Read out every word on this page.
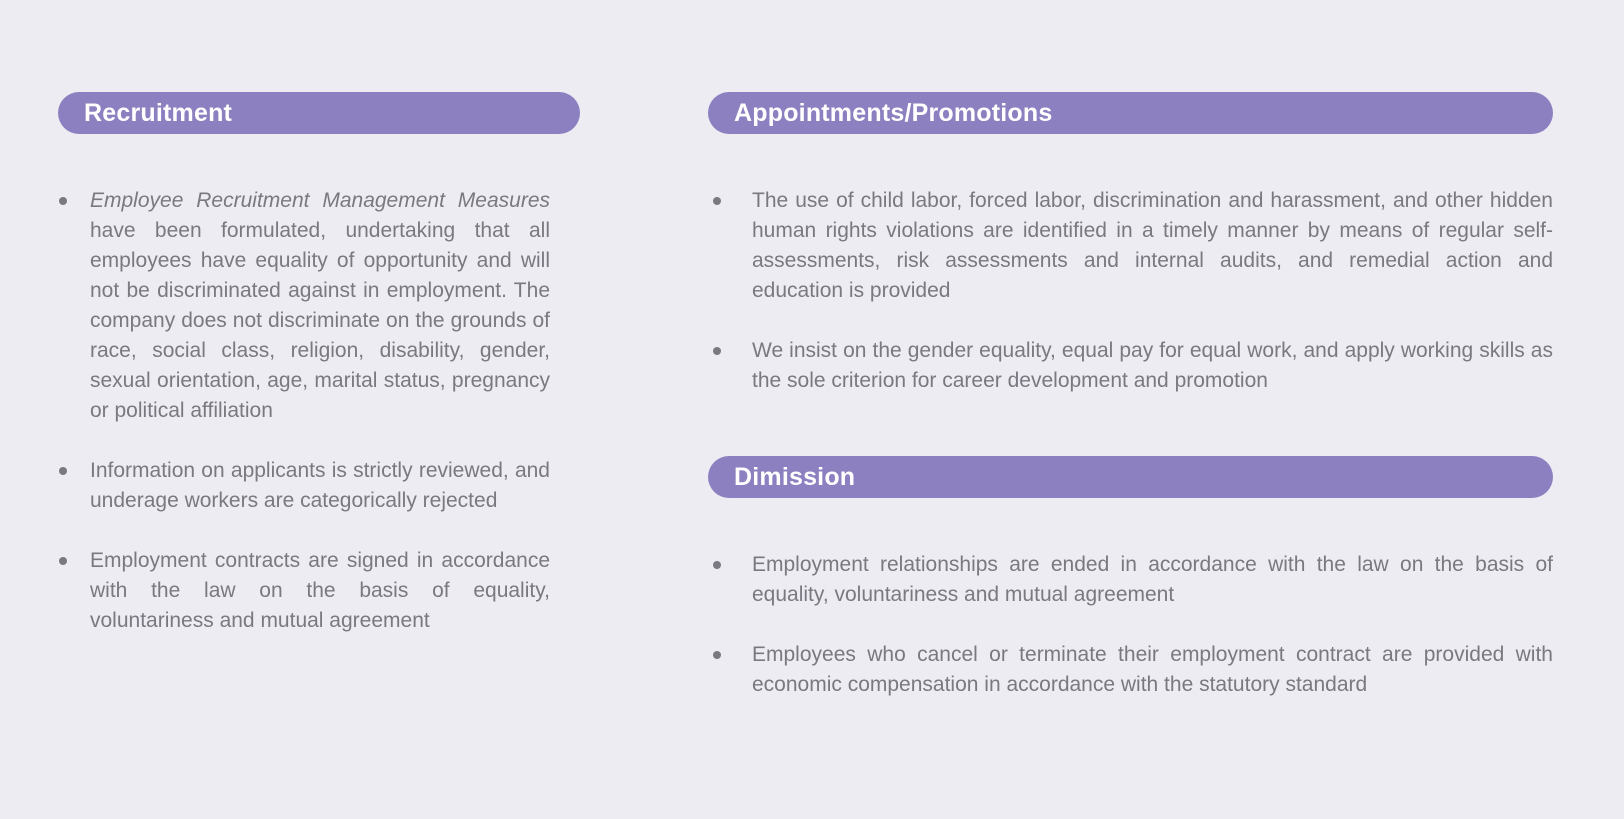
Recruitment
Employee Recruitment Management Measures have been formulated, undertaking that all employees have equality of opportunity and will not be discriminated against in employment. The company does not discriminate on the grounds of race, social class, religion, disability, gender, sexual orientation, age, marital status, pregnancy or political affiliation
Information on applicants is strictly reviewed, and underage workers are categorically rejected
Employment contracts are signed in accordance with the law on the basis of equality, voluntariness and mutual agreement
Appointments/Promotions
The use of child labor, forced labor, discrimination and harassment, and other hidden human rights violations are identified in a timely manner by means of regular self-assessments, risk assessments and internal audits, and remedial action and education is provided
We insist on the gender equality, equal pay for equal work, and apply working skills as the sole criterion for career development and promotion
Dimission
Employment relationships are ended in accordance with the law on the basis of equality, voluntariness and mutual agreement
Employees who cancel or terminate their employment contract are provided with economic compensation in accordance with the statutory standard
